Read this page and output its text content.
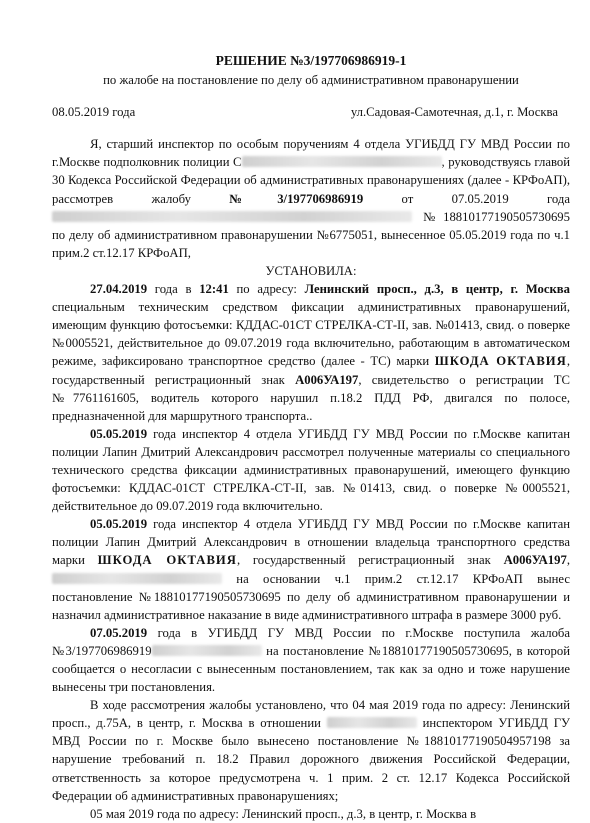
РЕШЕНИЕ №3/197706986919-1
по жалобе на постановление по делу об административном правонарушении
08.05.2019 года	ул.Садовая-Самотечная, д.1, г. Москва

Я, старший инспектор по особым поручениям 4 отдела УГИБДД ГУ МВД России по г.Москве подполковник полиции С	, руководствуясь главой 30 Кодекса Российской Федерации об административных правонарушениях (далее - КРФоАП), рассмотрев жалобу №3/197706986919 от 07.05.2019 года  №18810177190505730695 по делу об административном правонарушении №6775051, вынесенное 05.05.2019 года по ч.1 прим.2 ст.12.17 КРФоАП,

УСТАНОВИЛА:

27.04.2019 года в 12:41 по адресу: Ленинский просп., д.3, в центр, г. Москва специальным техническим средством фиксации административных правонарушений, имеющим функцию фотосъемки: КДДАС-01СТ СТРЕЛКА-СТ-II, зав. №01413, свид. о поверке №0005521, действительное до 09.07.2019 года включительно, работающим в автоматическом режиме, зафиксировано транспортное средство (далее - ТС) марки ШКОДА ОКТАВИЯ, государственный регистрационный знак А006УА197, свидетельство о регистрации ТС №7761161605, водитель которого нарушил п.18.2 ПДД РФ, двигался по полосе, предназначенной для маршрутного транспорта..

05.05.2019 года инспектор 4 отдела УГИБДД ГУ МВД России по г.Москве капитан полиции Лапин Дмитрий Александрович рассмотрел полученные материалы со специального технического средства фиксации административных правонарушений, имеющего функцию фотосъемки: КДДАС-01СТ СТРЕЛКА-СТ-II, зав. №01413, свид. о поверке №0005521, действительное до 09.07.2019 года включительно.

05.05.2019 года инспектор 4 отдела УГИБДД ГУ МВД России по г.Москве капитан полиции Лапин Дмитрий Александрович в отношении владельца транспортного средства марки ШКОДА ОКТАВИЯ, государственный регистрационный знак А006УА197,  на основании ч.1 прим.2 ст.12.17 КРФоАП вынес постановление №18810177190505730695 по делу об административном правонарушении и назначил административное наказание в виде административного штрафа в размере 3000 руб.

07.05.2019 года в УГИБДД ГУ МВД России по г.Москве поступила жалоба №3/197706986919	на постановление №18810177190505730695, в которой сообщается о несогласии с вынесенным постановлением, так как за одно и тоже нарушение вынесены три постановления.

В ходе рассмотрения жалобы установлено, что 04 мая 2019 года по адресу: Ленинский просп., д.75А, в центр, г. Москва в отношении	инспектором УГИБДД ГУ МВД России по г. Москве было вынесено постановление №18810177190504957198 за нарушение требований п. 18.2 Правил дорожного движения Российской Федерации, ответственность за которое предусмотрена ч. 1 прим. 2 ст. 12.17 Кодекса Российской Федерации об административных правонарушениях;

05 мая 2019 года по адресу: Ленинский просп., д.3, в центр, г. Москва в
